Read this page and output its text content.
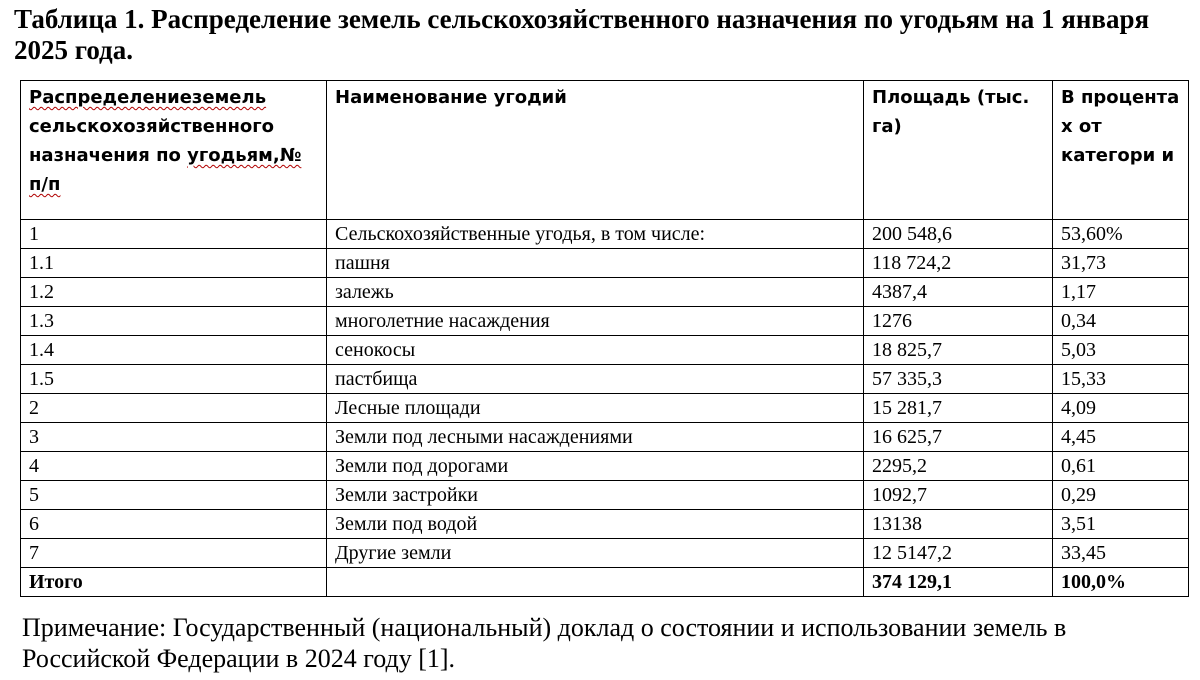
Таблица 1. Распределение земель сельскохозяйственного назначения по угодьям на 1 января 2025 года.
Распределениеземель сельскохозяйственного назначения по угодьям,№ п/п	Наименование угодий	Площадь (тыс. га)	В процента х от категори и
1	Сельскохозяйственные угодья, в том числе:	200 548,6	53,60%
1.1	пашня	118 724,2	31,73
1.2	залежь	4387,4	1,17
1.3	многолетние насаждения	1276	0,34
1.4	сенокосы	18 825,7	5,03
1.5	пастбища	57 335,3	15,33
2	Лесные площади	15 281,7	4,09
3	Земли под лесными насаждениями	16 625,7	4,45
4	Земли под дорогами	2295,2	0,61
5	Земли застройки	1092,7	0,29
6	Земли под водой	13138	3,51
7	Другие земли	12 5147,2	33,45
Итого		374 129,1	100,0%

Примечание: Государственный (национальный) доклад о состоянии и использовании земель в Российской Федерации в 2024 году [1].
